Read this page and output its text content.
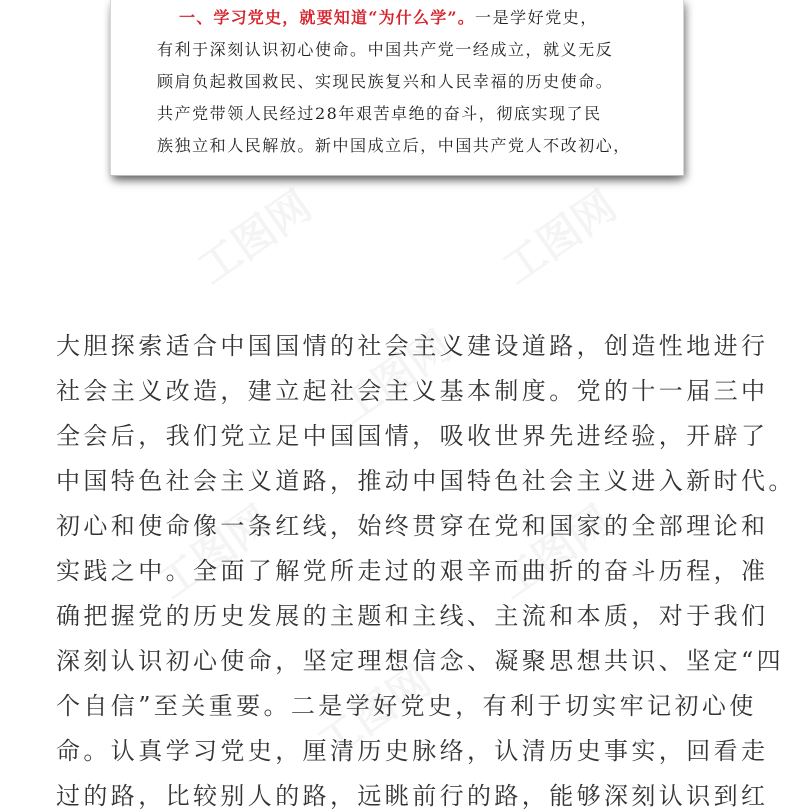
一、学习党史，就要知道“为什么学”。一是学好党史，
有利于深刻认识初心使命。中国共产党一经成立，就义无反
顾肩负起救国救民、实现民族复兴和人民幸福的历史使命。
共产党带领人民经过28年艰苦卓绝的奋斗，彻底实现了民
族独立和人民解放。新中国成立后，中国共产党人不改初心，
大胆探索适合中国国情的社会主义建设道路，创造性地进行
社会主义改造，建立起社会主义基本制度。党的十一届三中
全会后，我们党立足中国国情，吸收世界先进经验，开辟了
中国特色社会主义道路，推动中国特色社会主义进入新时代。
初心和使命像一条红线，始终贯穿在党和国家的全部理论和
实践之中。全面了解党所走过的艰辛而曲折的奋斗历程，准
确把握党的历史发展的主题和主线、主流和本质，对于我们
深刻认识初心使命，坚定理想信念、凝聚思想共识、坚定“四
个自信”至关重要。二是学好党史，有利于切实牢记初心使
命。认真学习党史，厘清历史脉络，认清历史事实，回看走
过的路，比较别人的路，远眺前行的路，能够深刻认识到红
